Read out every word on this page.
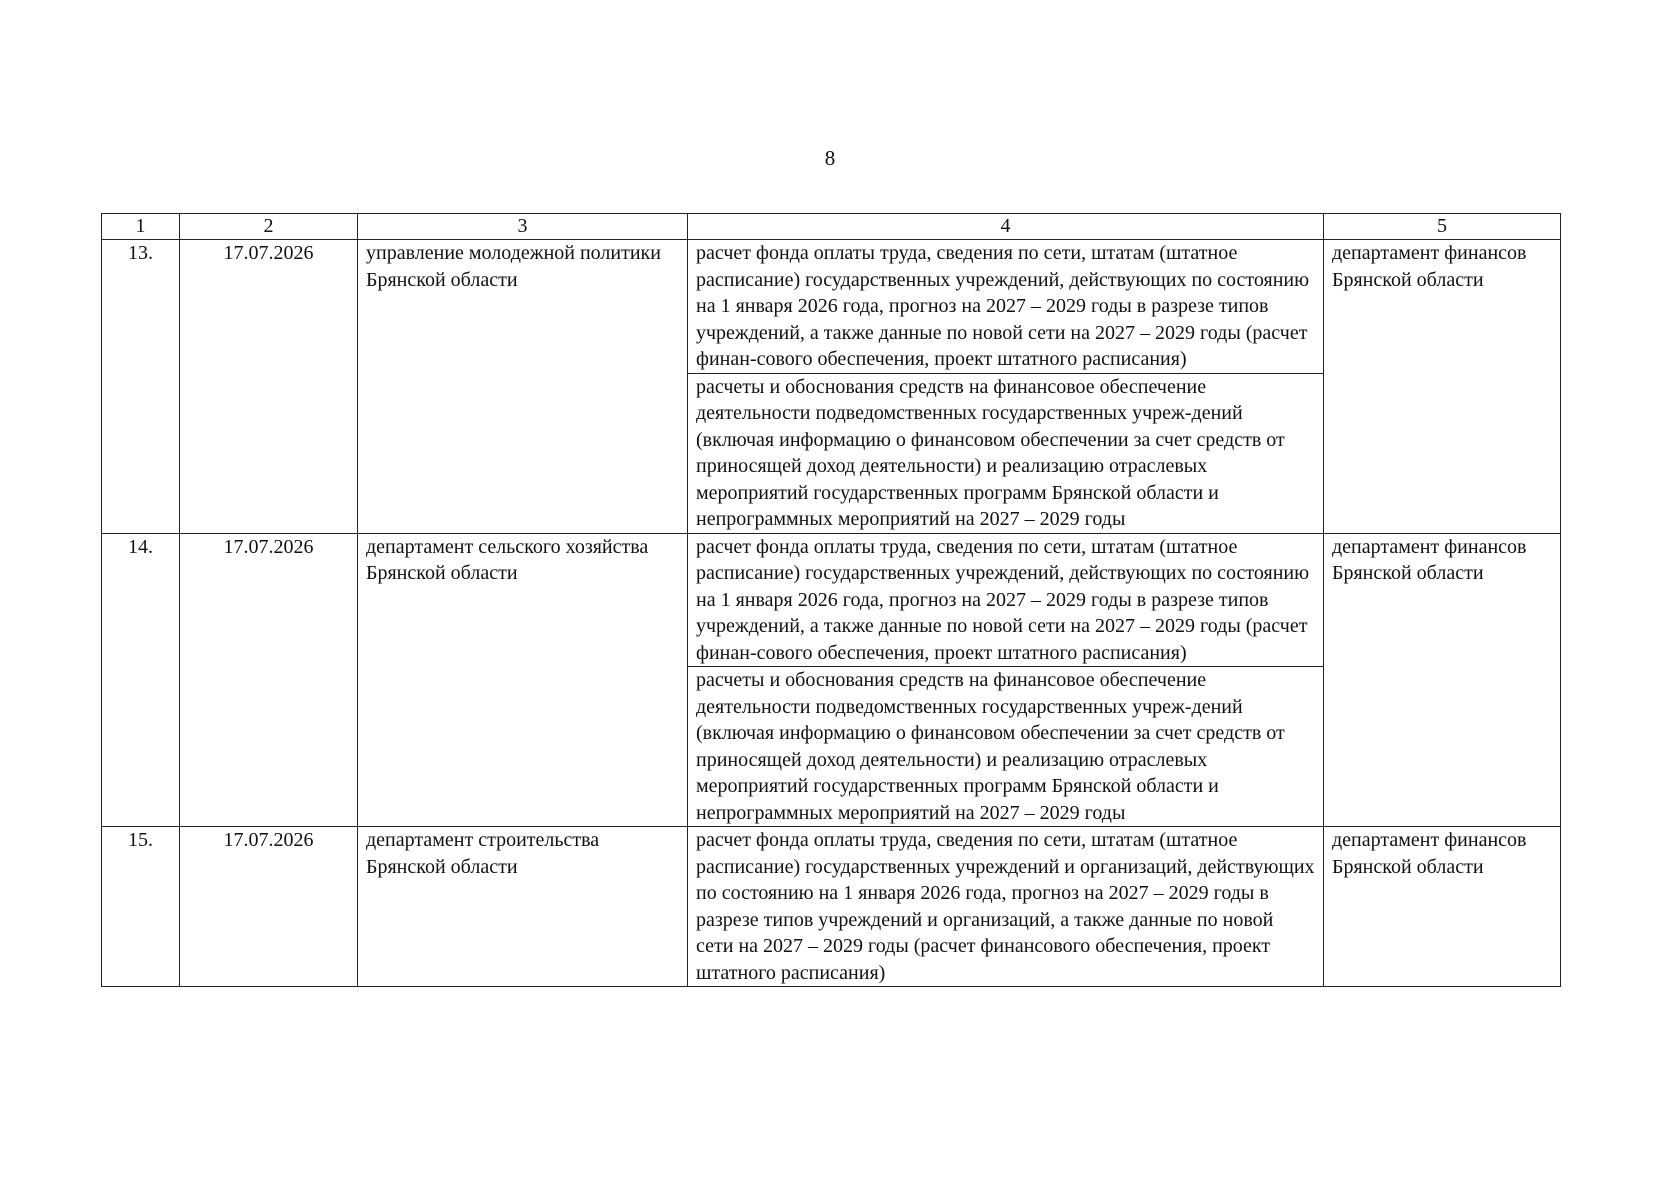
8
1	2	3	4	5
13.	17.07.2026	управление молодежной политики Брянской области	расчет фонда оплаты труда, сведения по сети, штатам (штатное расписание) государственных учреждений, действующих по состоянию на 1 января 2026 года, прогноз на 2027 – 2029 годы в разрезе типов учреждений, а также данные по новой сети на 2027 – 2029 годы (расчет финан-сового обеспечения, проект штатного расписания)
расчеты и обоснования средств на финансовое обеспечение деятельности подведомственных государственных учреж-дений (включая информацию о финансовом обеспечении за счет средств от приносящей доход деятельности) и реализацию отраслевых мероприятий государственных программ Брянской области и непрограммных мероприятий на 2027 – 2029 годы	департамент финансов Брянской области
14.	17.07.2026	департамент сельского хозяйства Брянской области	расчет фонда оплаты труда, сведения по сети, штатам (штатное расписание) государственных учреждений, действующих по состоянию на 1 января 2026 года, прогноз на 2027 – 2029 годы в разрезе типов учреждений, а также данные по новой сети на 2027 – 2029 годы (расчет финан-сового обеспечения, проект штатного расписания)
расчеты и обоснования средств на финансовое обеспечение деятельности подведомственных государственных учреж-дений (включая информацию о финансовом обеспечении за счет средств от приносящей доход деятельности) и реализацию отраслевых мероприятий государственных программ Брянской области и непрограммных мероприятий на 2027 – 2029 годы	департамент финансов Брянской области
15.	17.07.2026	департамент строительства Брянской области	расчет фонда оплаты труда, сведения по сети, штатам (штатное расписание) государственных учреждений и организаций, действующих по состоянию на 1 января 2026 года, прогноз на 2027 – 2029 годы в разрезе типов учреждений и организаций, а также данные по новой сети на 2027 – 2029 годы (расчет финансового обеспечения, проект штатного расписания)	департамент финансов Брянской области
